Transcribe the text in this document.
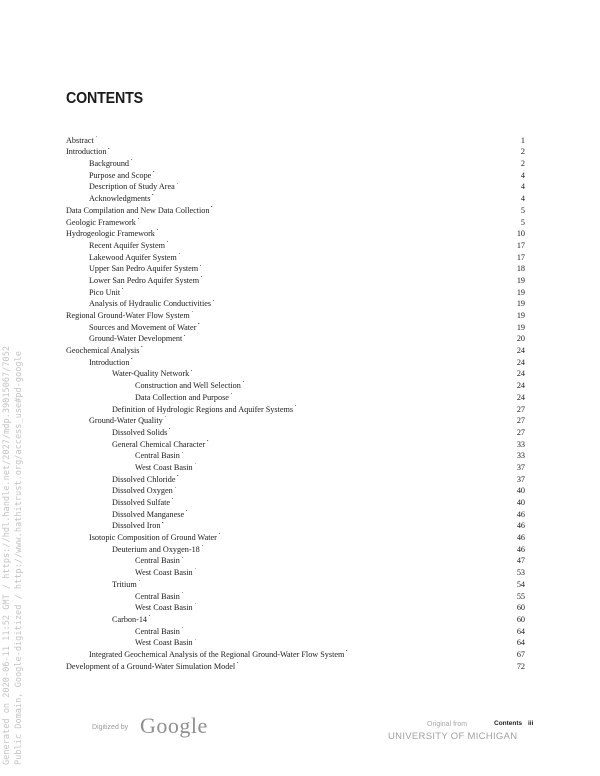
CONTENTS
Abstract . . .	1
Introduction . . .	2
Background . . .	2
Purpose and Scope . . .	4
Description of Study Area . . .	4
Acknowledgments . . .	4
Data Compilation and New Data Collection . . .	5
Geologic Framework . . .	5
Hydrogeologic Framework . . .	10
Recent Aquifer System . . .	17
Lakewood Aquifer System . . .	17
Upper San Pedro Aquifer System . . .	18
Lower San Pedro Aquifer System . . .	19
Pico Unit . . .	19
Analysis of Hydraulic Conductivities . . .	19
Regional Ground-Water Flow System . . .	19
Sources and Movement of Water . . .	19
Ground-Water Development . . .	20
Geochemical Analysis . . .	24
Introduction . . .	24
Water-Quality Network . . .	24
Construction and Well Selection . . .	24
Data Collection and Purpose . . .	24
Definition of Hydrologic Regions and Aquifer Systems . . .	27
Ground-Water Quality . . .	27
Dissolved Solids . . .	27
General Chemical Character . . .	33
Central Basin . . .	33
West Coast Basin . . .	37
Dissolved Chloride . . .	37
Dissolved Oxygen . . .	40
Dissolved Sulfate . . .	40
Dissolved Manganese . . .	46
Dissolved Iron . . .	46
Isotopic Composition of Ground Water . . .	46
Deuterium and Oxygen-18 . . .	46
Central Basin . . .	47
West Coast Basin . . .	53
Tritium . . .	54
Central Basin . . .	55
West Coast Basin . . .	60
Carbon-14 . . .	60
Central Basin . . .	64
West Coast Basin . . .	64
Integrated Geochemical Analysis of the Regional Ground-Water Flow System . . .	67
Development of a Ground-Water Simulation Model . . .	72
Generated on 2020-06-11 11:52 GMT / https://hdl.handle.net/2027/mdp.39015067/7052 Public Domain, Google-digitized / http://www.hathitrust.org/access_use#pd-google	Digitized by Google	Original from
UNIVERSITY OF MICHIGAN
Contents iii
